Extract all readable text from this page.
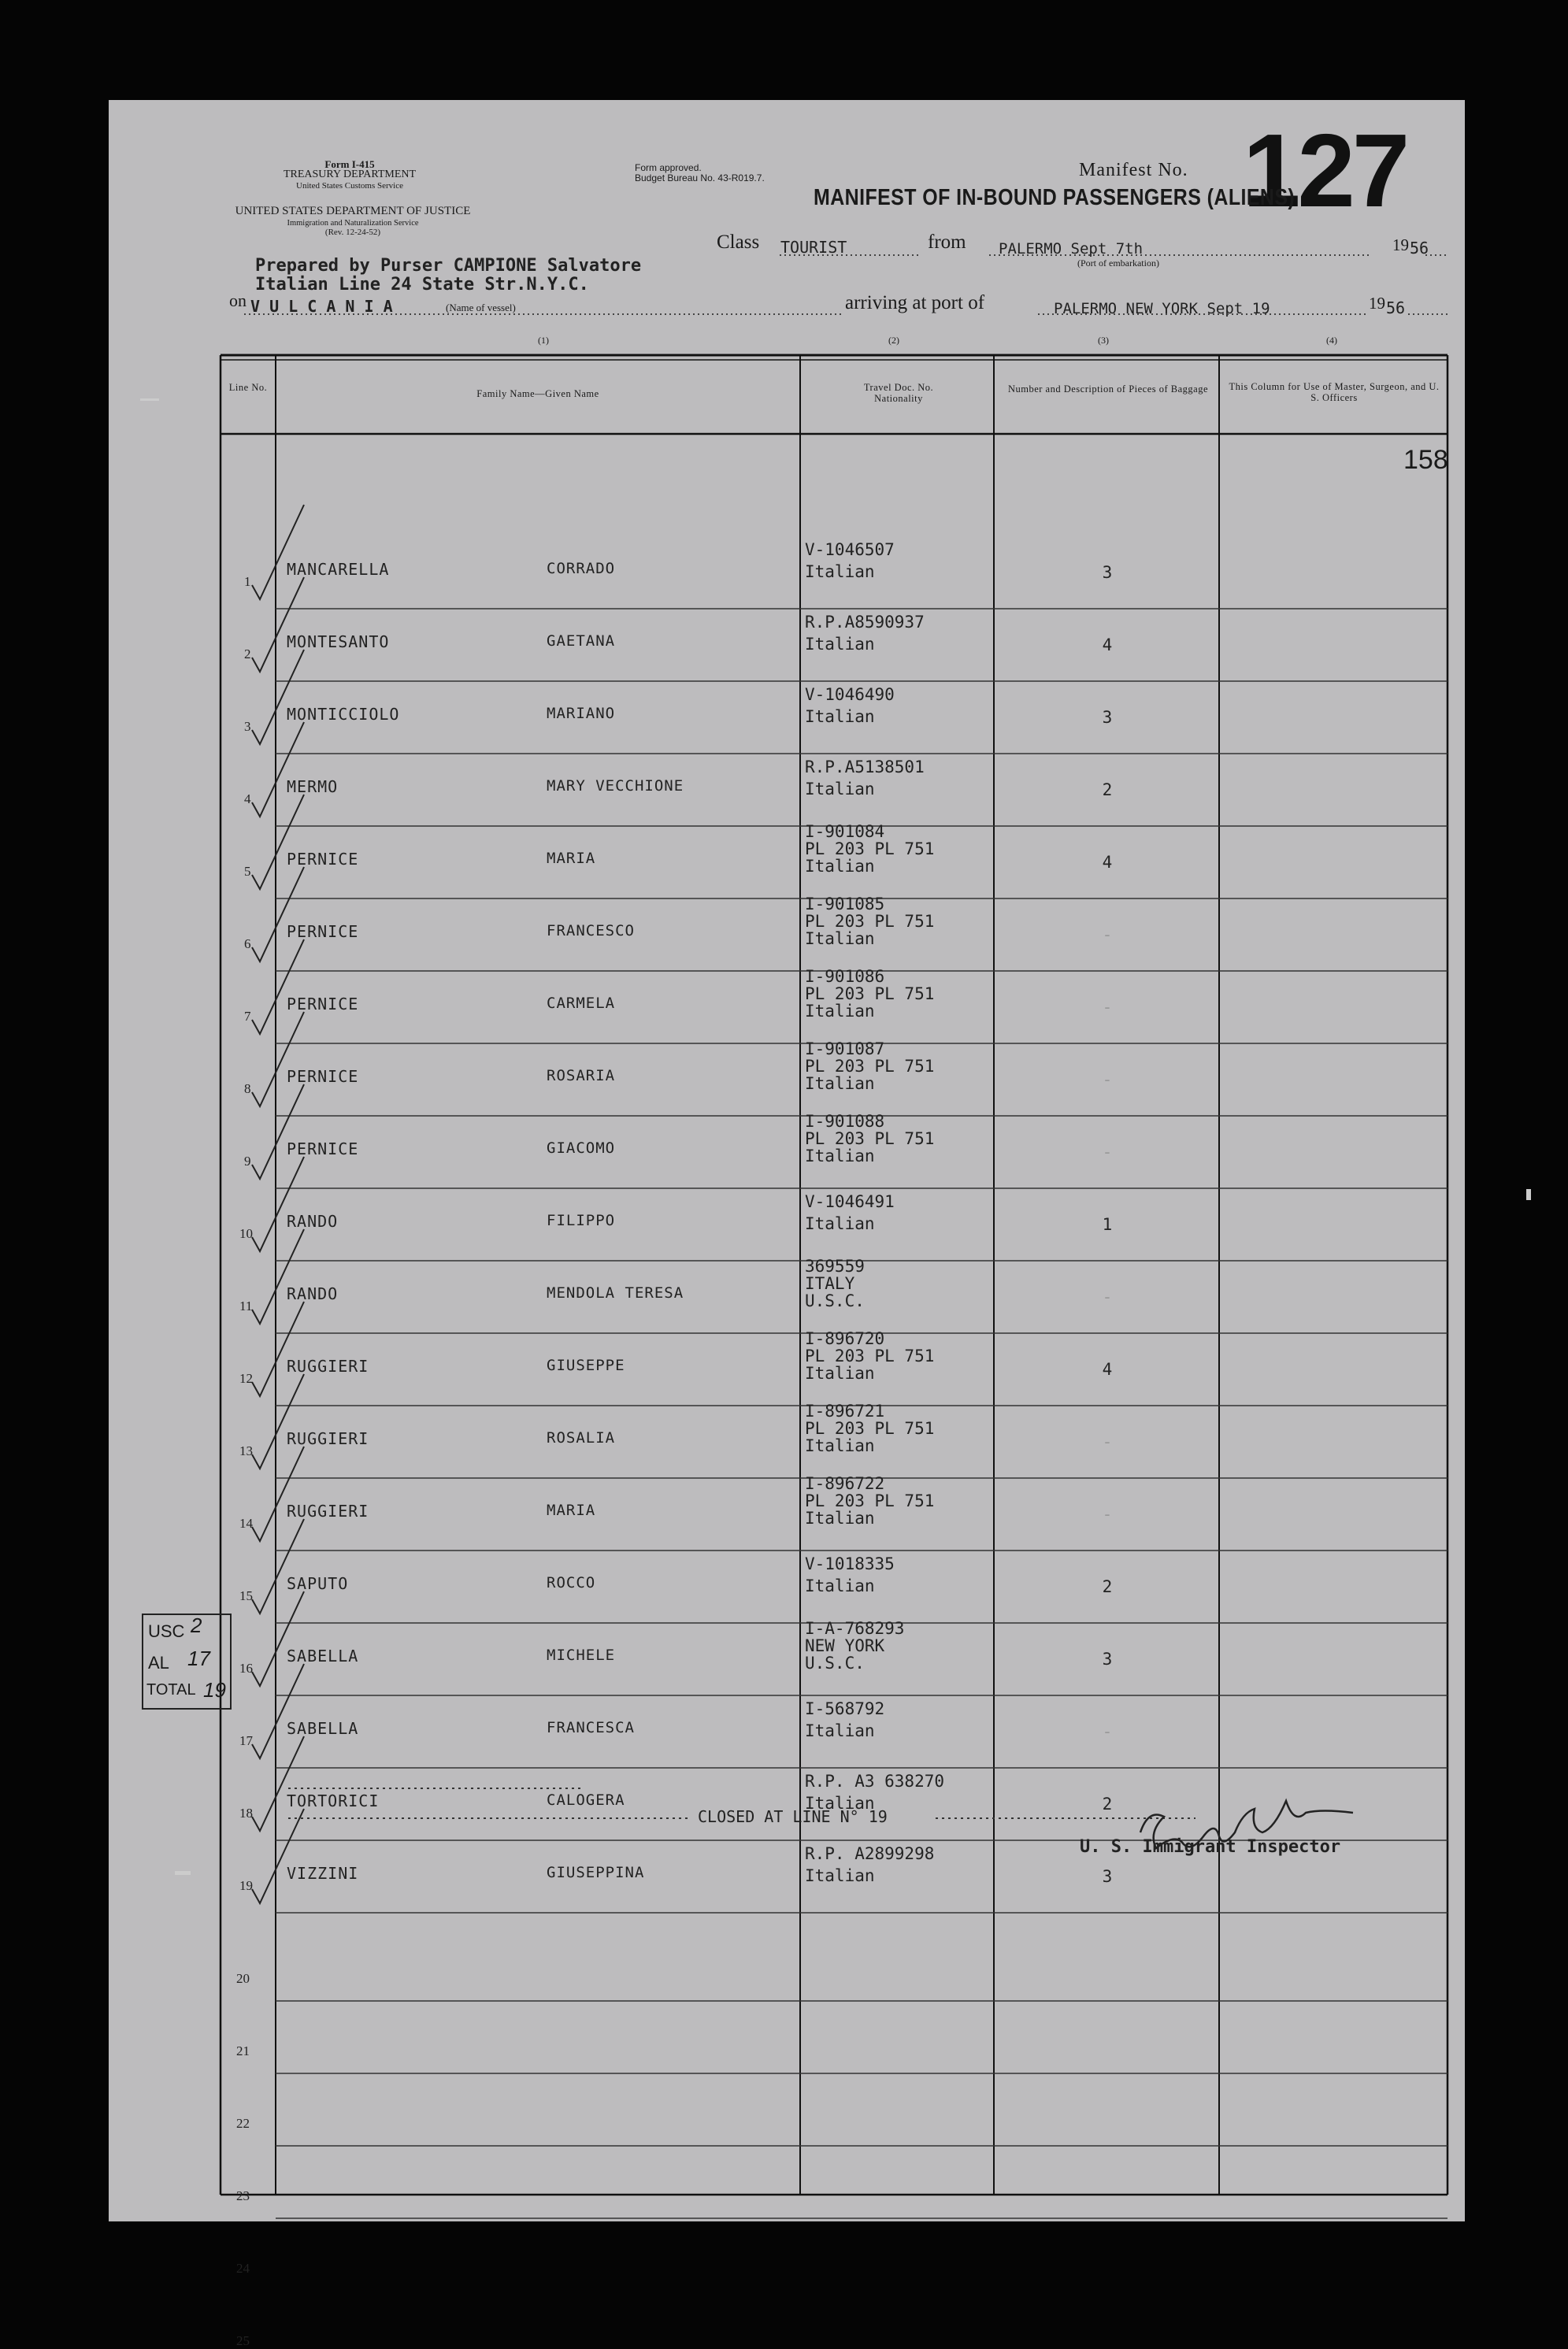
Form I-415
TREASURY DEPARTMENT
United States Customs Service
UNITED STATES DEPARTMENT OF JUSTICE
Immigration and Naturalization Service
(Rev. 12-24-52)
Form approved.
Budget Bureau No. 43-R019.7.	Manifest No. 127
MANIFEST OF IN-BOUND PASSENGERS (ALIENS)
Class TOURIST	from PALERMO Sept 7th
(Port of embarkation)
19 56
Prepared by Purser CAMPIONE Salvatore
Italian Line 24 State Str.N.Y.C.
on V U L C A N I A	(Name of vessel)	arriving at port of	PALERMO NEW YORK Sept 19	19 56
(1)	(2)	(3)	(4)
Line No.
Family Name—Given Name
Travel Doc. No. Nationality
Number and Description of Pieces of Baggage	This Column for Use of Master, Surgeon, and U. S. Officers
158
1
MANCARELLA	CORRADO
V-1046507
Italian	3
2
MONTESANTO	GAETANA
R.P.A8590937
Italian	4
3
MONTICCIOLO	MARIANO
V-1046490
Italian	3
4
MERMO	MARY VECCHIONE
R.P.A5138501
Italian	2
5
PERNICE	MARIA
I-901084
PL 203 PL 751
Italian	4
6
PERNICE	FRANCESCO
I-901085
PL 203 PL 751
Italian	-
7
PERNICE	CARMELA
I-901086
PL 203 PL 751
Italian	-
8
PERNICE	ROSARIA
I-901087
PL 203 PL 751
Italian	-
9
PERNICE	GIACOMO
I-901088
PL 203 PL 751
Italian	-
10
RANDO	FILIPPO
V-1046491
Italian	1
11
RANDO	MENDOLA TERESA
369559
ITALY
U.S.C.	-
12
RUGGIERI	GIUSEPPE
I-896720
PL 203 PL 751
Italian	4
13
RUGGIERI	ROSALIA
I-896721
PL 203 PL 751
Italian	-
14
RUGGIERI	MARIA
I-896722
PL 203 PL 751
Italian	-
15
SAPUTO	ROCCO
V-1018335
Italian	2
16
SABELLA	MICHELE
I-A-768293
NEW YORK
U.S.C.	3
17
SABELLA	FRANCESCA
I-568792
Italian	-
18
TORTORICI	CALOGERA
R.P. A3 638270
Italian	2
19
VIZZINI	GIUSEPPINA
R.P. A2899298
Italian	3
20
21
22
23
24
25
CLOSED AT LINE N° 19
U. S. Immigrant Inspector
USC 2
AL 17
TOTAL 19
